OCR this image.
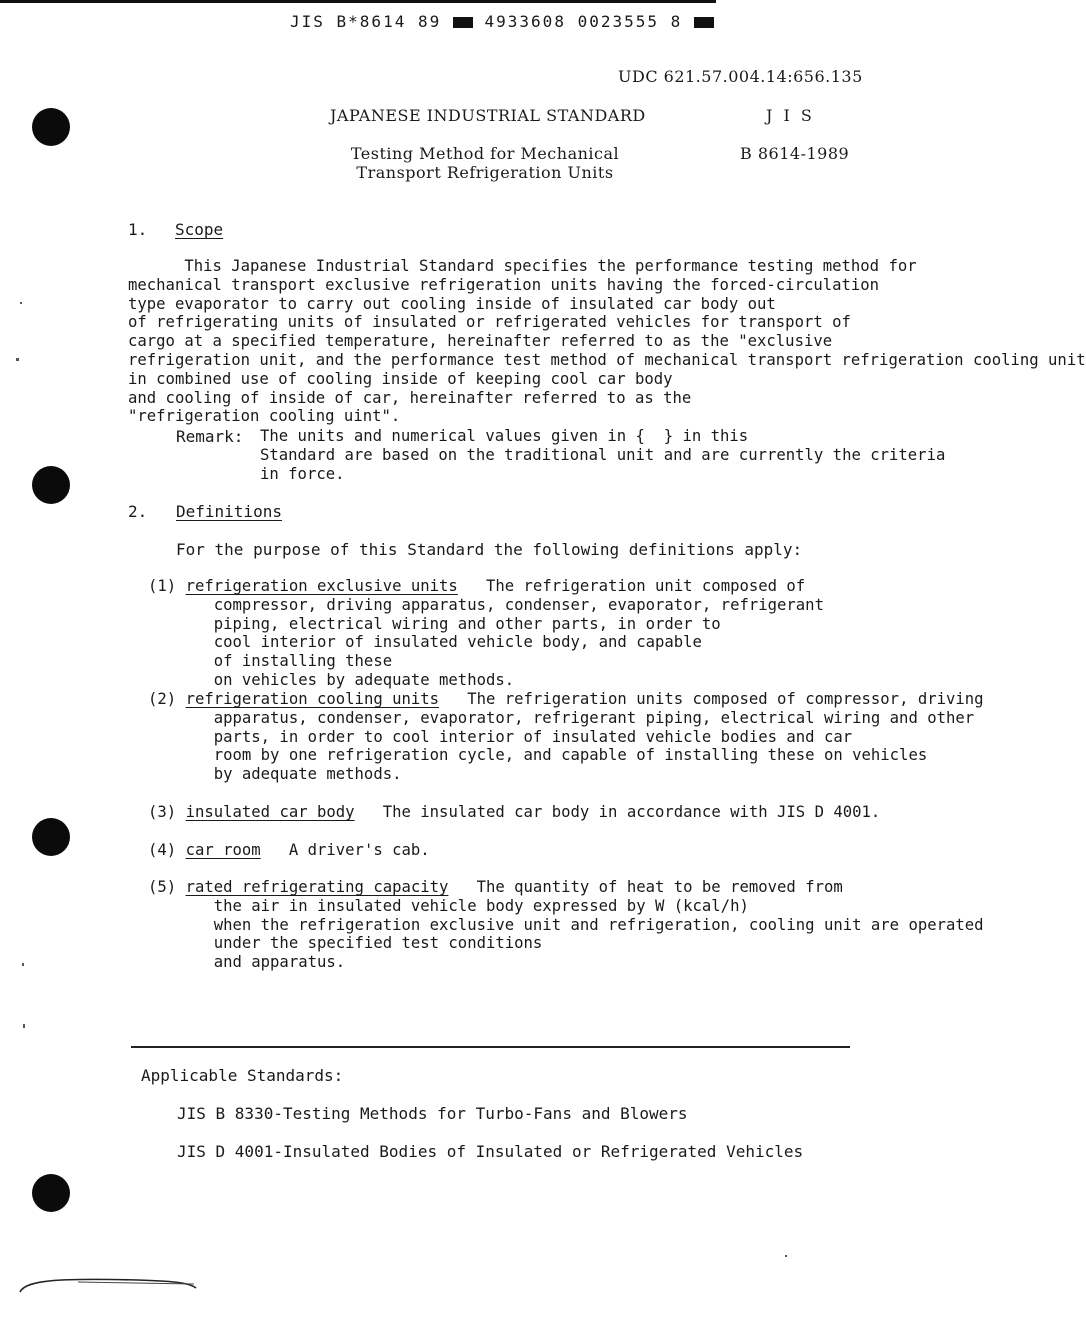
JIS B*8614 89	4933608 0023555 8
UDC 621.57.004.14:656.135
JAPANESE INDUSTRIAL STANDARD	J I S
Testing Method for Mechanical
Transport Refrigeration Units
B 8614-1989
1. Scope
This Japanese Industrial Standard specifies the performance testing method for
mechanical transport exclusive refrigeration units having the forced-circulation
type evaporator to carry out cooling inside of insulated car body out
of refrigerating units of insulated or refrigerated vehicles for transport of
cargo at a specified temperature, hereinafter referred to as the "exclusive
refrigeration unit, and the performance test method of mechanical transport refrigeration cooling unit
in combined use of cooling inside of keeping cool car body
and cooling of inside of car, hereinafter referred to as the
"refrigeration cooling uint".
Remark: The units and numerical values given in {  } in this
Standard are based on the traditional unit and are currently the criteria
in force.
2. Definitions
For the purpose of this Standard the following definitions apply:
(1) refrigeration exclusive units   The refrigeration unit composed of
compressor, driving apparatus, condenser, evaporator, refrigerant
piping, electrical wiring and other parts, in order to
cool interior of insulated vehicle body, and capable
of installing these
on vehicles by adequate methods.
(2) refrigeration cooling units   The refrigeration units composed of compressor, driving
apparatus, condenser, evaporator, refrigerant piping, electrical wiring and other
parts, in order to cool interior of insulated vehicle bodies and car
room by one refrigeration cycle, and capable of installing these on vehicles
by adequate methods.
(3) insulated car body   The insulated car body in accordance with JIS D 4001.

(4) car room   A driver's cab.

(5) rated refrigerating capacity   The quantity of heat to be removed from
the air in insulated vehicle body expressed by W (kcal/h)
when the refrigeration exclusive unit and refrigeration, cooling unit are operated
under the specified test conditions
and apparatus.
Applicable Standards:
JIS B 8330-Testing Methods for Turbo-Fans and Blowers
JIS D 4001-Insulated Bodies of Insulated or Refrigerated Vehicles
